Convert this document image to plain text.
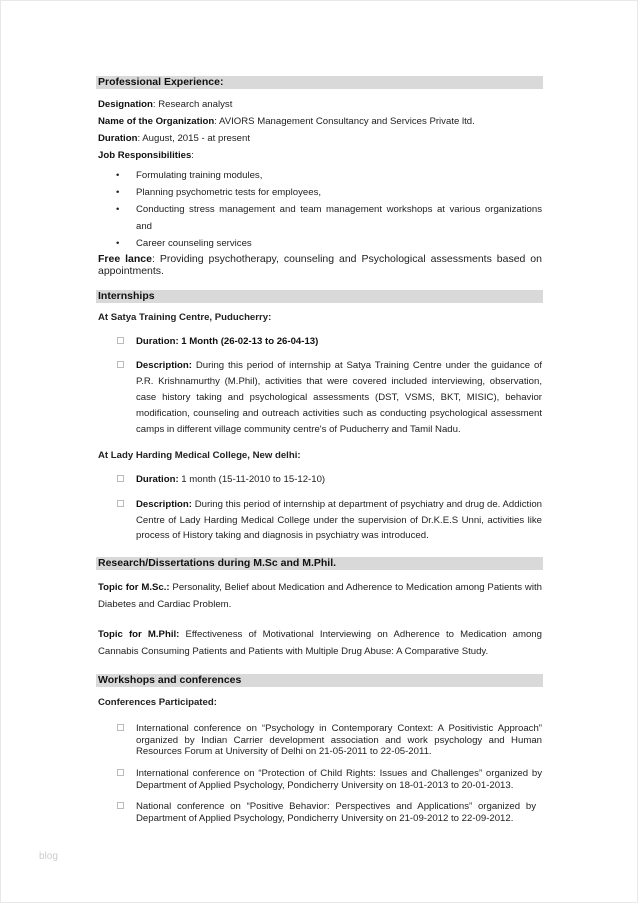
Professional Experience:
Designation: Research analyst
Name of the Organization: AVIORS Management Consultancy and Services Private ltd.
Duration: August, 2015 - at present
Job Responsibilities:
•	Formulating training modules,
•	Planning psychometric tests for employees,
•	Conducting stress management and team management workshops at various organizations and
•	Career counseling services
Free lance: Providing psychotherapy, counseling and Psychological assessments based on appointments.
Internships
At Satya Training Centre, Puducherry:
Duration: 1 Month (26-02-13 to 26-04-13)
Description: During this period of internship at Satya Training Centre under the guidance of P.R. Krishnamurthy (M.Phil), activities that were covered included interviewing, observation, case history taking and psychological assessments (DST, VSMS, BKT, MISIC), behavior modification, counseling and outreach activities such as conducting psychological assessment camps in different village community centre's of Puducherry and Tamil Nadu.
At Lady Harding Medical College, New delhi:
Duration: 1 month (15-11-2010 to 15-12-10)
Description: During this period of internship at department of psychiatry and drug de. Addiction Centre of Lady Harding Medical College under the supervision of Dr.K.E.S Unni, activities like process of History taking and diagnosis in psychiatry was introduced.
Research/Dissertations during M.Sc and M.Phil.
Topic for M.Sc.: Personality, Belief about Medication and Adherence to Medication among Patients with Diabetes and Cardiac Problem.
Topic for M.Phil: Effectiveness of Motivational Interviewing on Adherence to Medication among Cannabis Consuming Patients and Patients with Multiple Drug Abuse: A Comparative Study.
Workshops and conferences
Conferences Participated:
International conference on “Psychology in Contemporary Context: A Positivistic Approach” organized by Indian Carrier development association and work psychology and Human Resources Forum at University of Delhi on 21-05-2011 to 22-05-2011.
International conference on “Protection of Child Rights: Issues and Challenges” organized by Department of Applied Psychology, Pondicherry University on 18-01-2013 to 20-01-2013.
National conference on “Positive Behavior: Perspectives and Applications” organized by Department of Applied Psychology, Pondicherry University on 21-09-2012 to 22-09-2012.
blog
